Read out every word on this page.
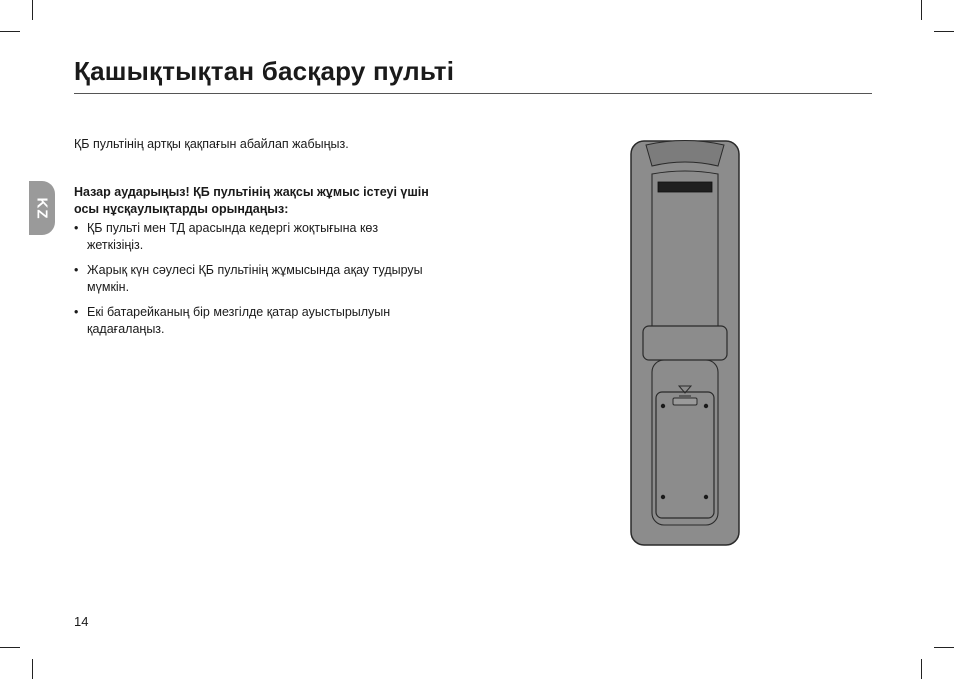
Қашықтықтан басқару пульті
KZ

ҚБ пультінің артқы қақпағын абайлап жабыңыз.

Назар аударыңыз! ҚБ пультінің жақсы жұмыс істеуі үшін осы нұсқаулықтарды орындаңыз:

• ҚБ пульті мен ТД арасында кедергі жоқтығына көз жеткізіңіз.
• Жарық күн сәулесі ҚБ пультінің жұмысында ақау тудыруы мүмкін.
• Екі батарейканың бір мезгілде қатар ауыстырылуын қадағалаңыз.
14
